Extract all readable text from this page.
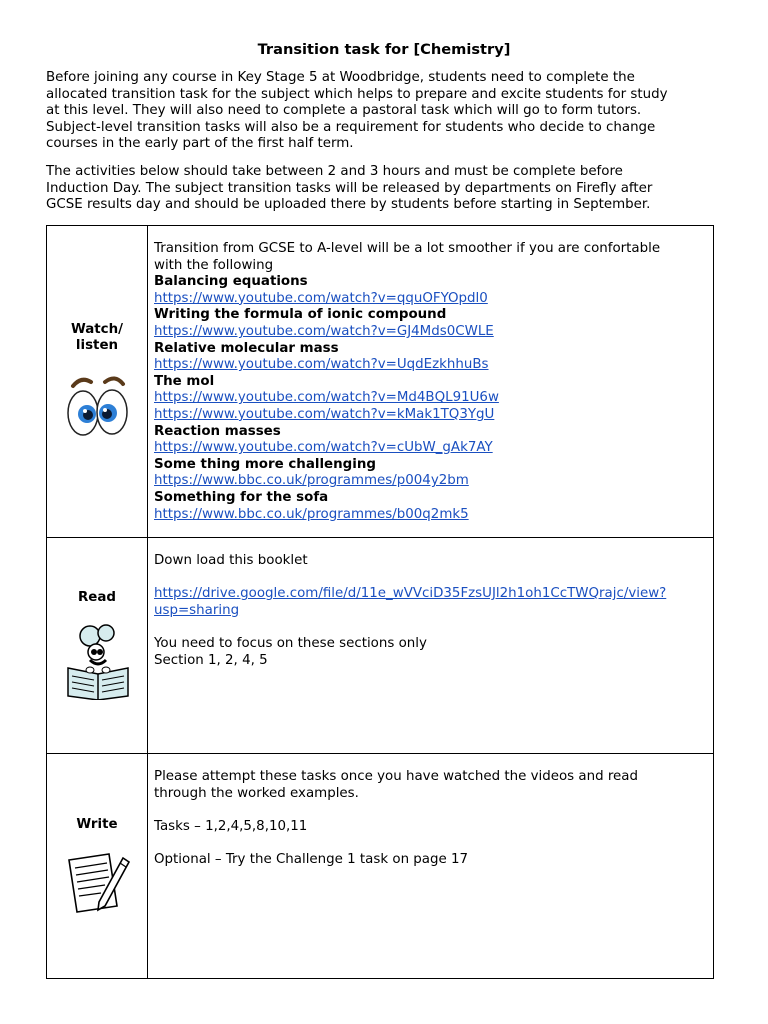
Transition task for [Chemistry]
Before joining any course in Key Stage 5 at Woodbridge, students need to complete the
allocated transition task for the subject which helps to prepare and excite students for study
at this level. They will also need to complete a pastoral task which will go to form tutors.
Subject-level transition tasks will also be a requirement for students who decide to change
courses in the early part of the first half term.
The activities below should take between 2 and 3 hours and must be complete before
Induction Day. The subject transition tasks will be released by departments on Firefly after
GCSE results day and should be uploaded there by students before starting in September.
Watch/
listen
Transition from GCSE to A-level will be a lot smoother if you are confortable
with the following
Balancing equations
https://www.youtube.com/watch?v=qquOFYOpdl0
Writing the formula of ionic compound
https://www.youtube.com/watch?v=GJ4Mds0CWLE
Relative molecular mass
https://www.youtube.com/watch?v=UqdEzkhhuBs
The mol
https://www.youtube.com/watch?v=Md4BQL91U6w
https://www.youtube.com/watch?v=kMak1TQ3YgU
Reaction masses
https://www.youtube.com/watch?v=cUbW_gAk7AY
Some thing more challenging
https://www.bbc.co.uk/programmes/p004y2bm
Something for the sofa
https://www.bbc.co.uk/programmes/b00q2mk5
Read
Down load this booklet
https://drive.google.com/file/d/11e_wVVciD35FzsUJl2h1oh1CcTWQrajc/view?
usp=sharing
You need to focus on these sections only
Section 1, 2, 4, 5
Write
Please attempt these tasks once you have watched the videos and read
through the worked examples.
Tasks – 1,2,4,5,8,10,11
Optional – Try the Challenge 1 task on page 17
